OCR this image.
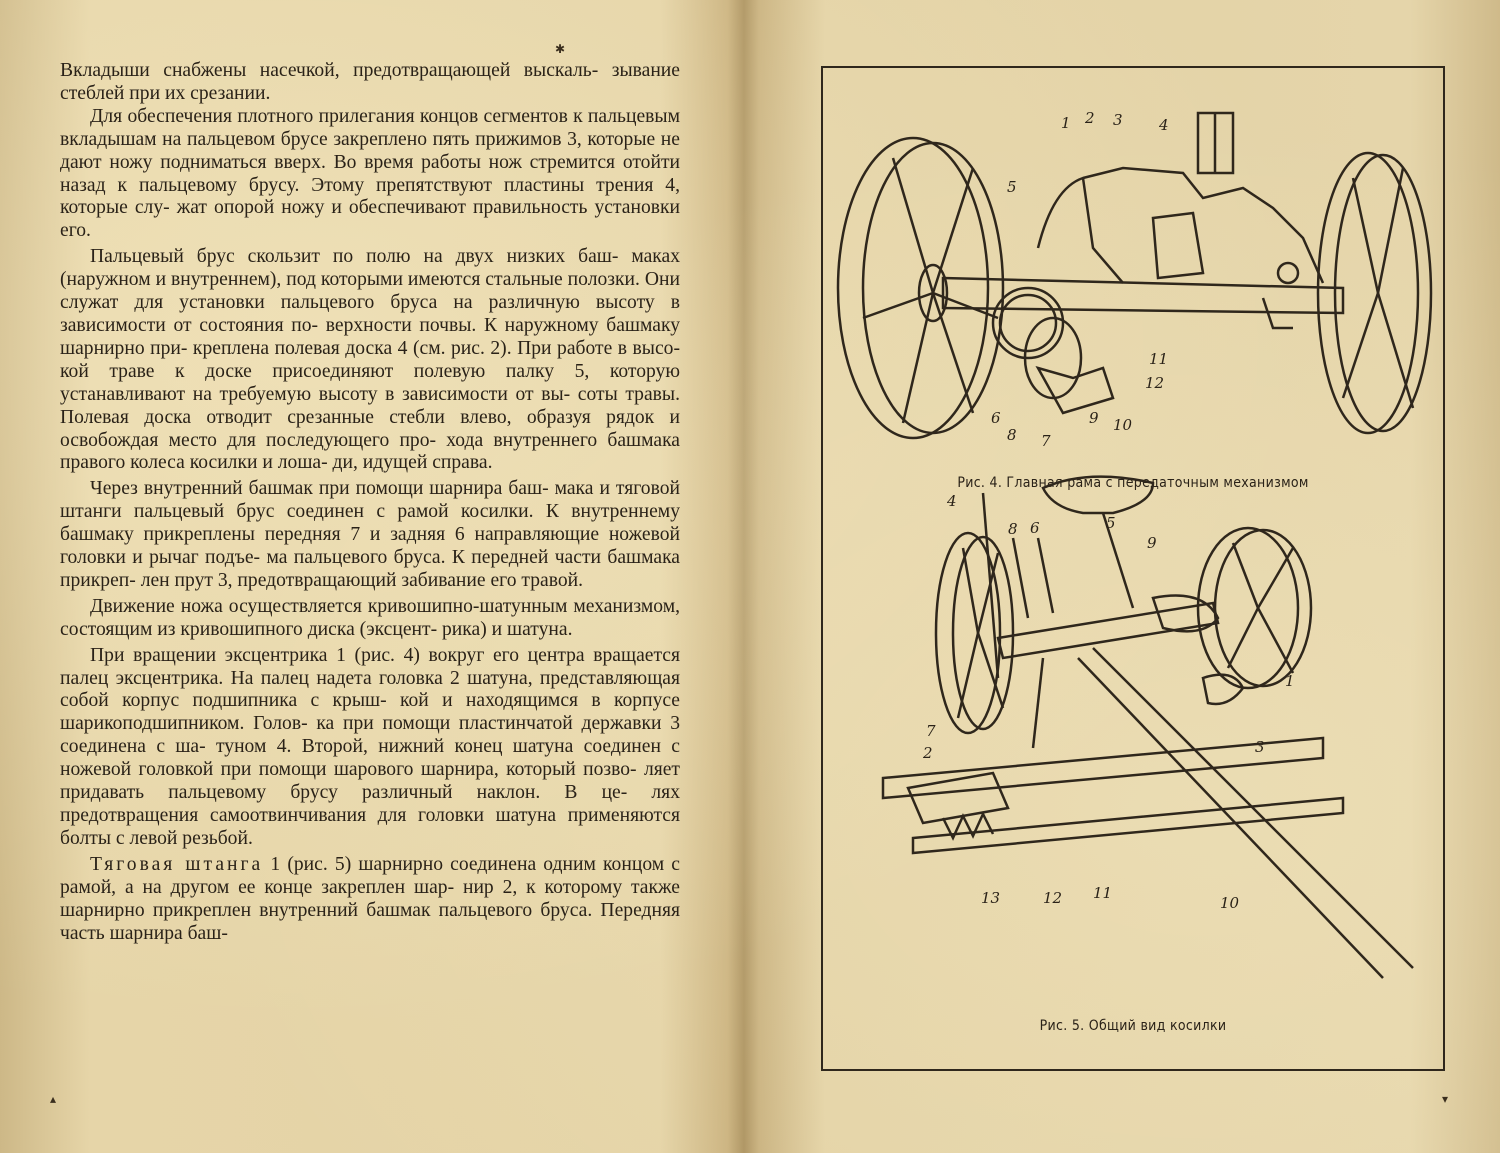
✱

Вкладыши снабжены насечкой, предотвращающей выскаль- зывание стеблей при их срезании.

Для обеспечения плотного прилегания концов сегментов к пальцевым вкладышам на пальцевом брусе закреплено пять прижимов 3, которые не дают ножу подниматься вверх. Во время работы нож стремится отойти назад к пальцевому брусу. Этому препятствуют пластины трения 4, которые слу- жат опорой ножу и обеспечивают правильность установки его.

Пальцевый брус скользит по полю на двух низких баш- маках (наружном и внутреннем), под которыми имеются стальные полозки. Они служат для установки пальцевого бруса на различную высоту в зависимости от состояния по- верхности почвы. К наружному башмаку шарнирно при- креплена полевая доска 4 (см. рис. 2). При работе в высо- кой траве к доске присоединяют полевую палку 5, которую устанавливают на требуемую высоту в зависимости от вы- соты травы. Полевая доска отводит срезанные стебли влево, образуя рядок и освобождая место для последующего про- хода внутреннего башмака правого колеса косилки и лоша- ди, идущей справа.

Через внутренний башмак при помощи шарнира баш- мака и тяговой штанги пальцевый брус соединен с рамой косилки. К внутреннему башмаку прикреплены передняя 7 и задняя 6 направляющие ножевой головки и рычаг подъе- ма пальцевого бруса. К передней части башмака прикреп- лен прут 3, предотвращающий забивание его травой.

Движение ножа осуществляется кривошипно-шатунным механизмом, состоящим из кривошипного диска (эксцент- рика) и шатуна.

При вращении эксцентрика 1 (рис. 4) вокруг его центра вращается палец эксцентрика. На палец надета головка 2 шатуна, представляющая собой корпус подшипника с крыш- кой и находящимся в корпусе шарикоподшипником. Голов- ка при помощи пластинчатой державки 3 соединена с ша- туном 4. Второй, нижний конец шатуна соединен с ножевой головкой при помощи шарового шарнира, который позво- ляет придавать пальцевому брусу различный наклон. В це- лях предотвращения самоотвинчивания для головки шатуна применяются болты с левой резьбой.

Тяговая штанга 1 (рис. 5) шарнирно соединена одним концом с рамой, а на другом ее конце закреплен шар- нир 2, к которому также шарнирно прикреплен внутренний башмак пальцевого бруса. Передняя часть шарнира баш-

▴
1 2 3 4
5
6
8 7
9 10
11
12
Рис. 4. Главная рама с передаточным механизмом
4
8 6	5
9
1
7
2	3
13	12 11
10
Рис. 5. Общий вид косилки
▾
